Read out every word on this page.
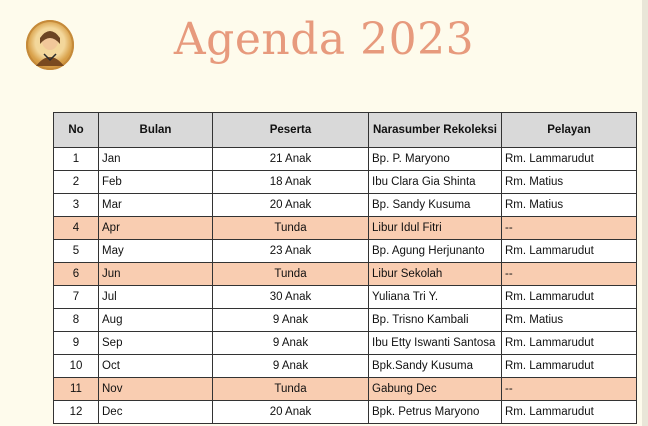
Agenda 2023
No	Bulan	Peserta	Narasumber Rekoleksi	Pelayan
1	Jan	21 Anak	Bp. P. Maryono	Rm. Lammarudut
2	Feb	18 Anak	Ibu Clara Gia Shinta	Rm. Matius
3	Mar	20 Anak	Bp. Sandy Kusuma	Rm. Matius
4	Apr	Tunda	Libur Idul Fitri	--
5	May	23 Anak	Bp. Agung Herjunanto	Rm. Lammarudut
6	Jun	Tunda	Libur Sekolah	--
7	Jul	30 Anak	Yuliana Tri Y.	Rm. Lammarudut
8	Aug	9 Anak	Bp. Trisno Kambali	Rm. Matius
9	Sep	9 Anak	Ibu Etty Iswanti Santosa	Rm. Lammarudut
10	Oct	9 Anak	Bpk.Sandy Kusuma	Rm. Lammarudut
11	Nov	Tunda	Gabung Dec	--
12	Dec	20 Anak	Bpk. Petrus Maryono	Rm. Lammarudut
